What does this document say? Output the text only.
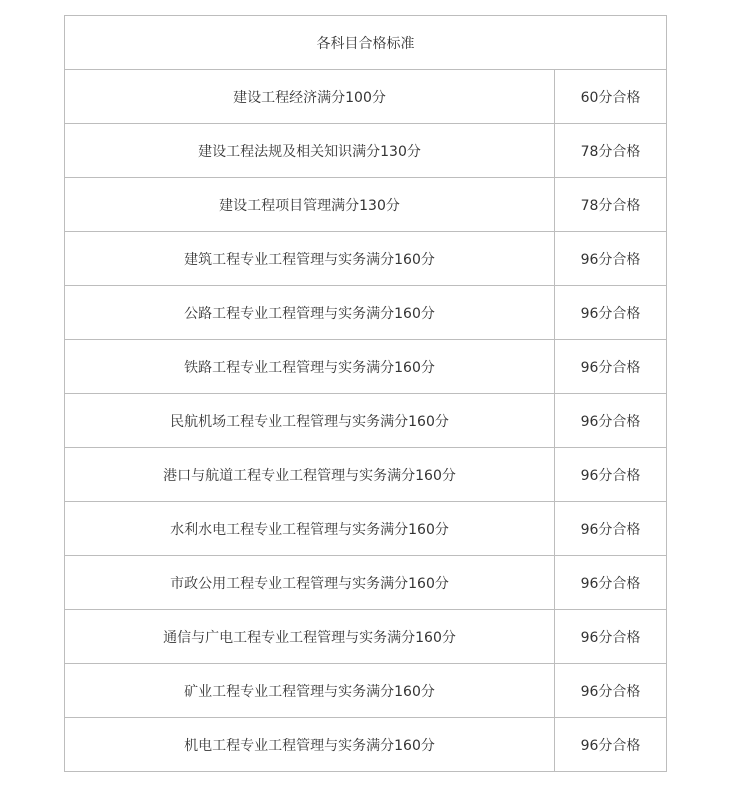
各科目合格标准	
建设工程经济满分100分	60分合格
建设工程法规及相关知识满分130分	78分合格
建设工程项目管理满分130分	78分合格
建筑工程专业工程管理与实务满分160分	96分合格
公路工程专业工程管理与实务满分160分	96分合格
铁路工程专业工程管理与实务满分160分	96分合格
民航机场工程专业工程管理与实务满分160分	96分合格
港口与航道工程专业工程管理与实务满分160分	96分合格
水利水电工程专业工程管理与实务满分160分	96分合格
市政公用工程专业工程管理与实务满分160分	96分合格
通信与广电工程专业工程管理与实务满分160分	96分合格
矿业工程专业工程管理与实务满分160分	96分合格
机电工程专业工程管理与实务满分160分	96分合格
